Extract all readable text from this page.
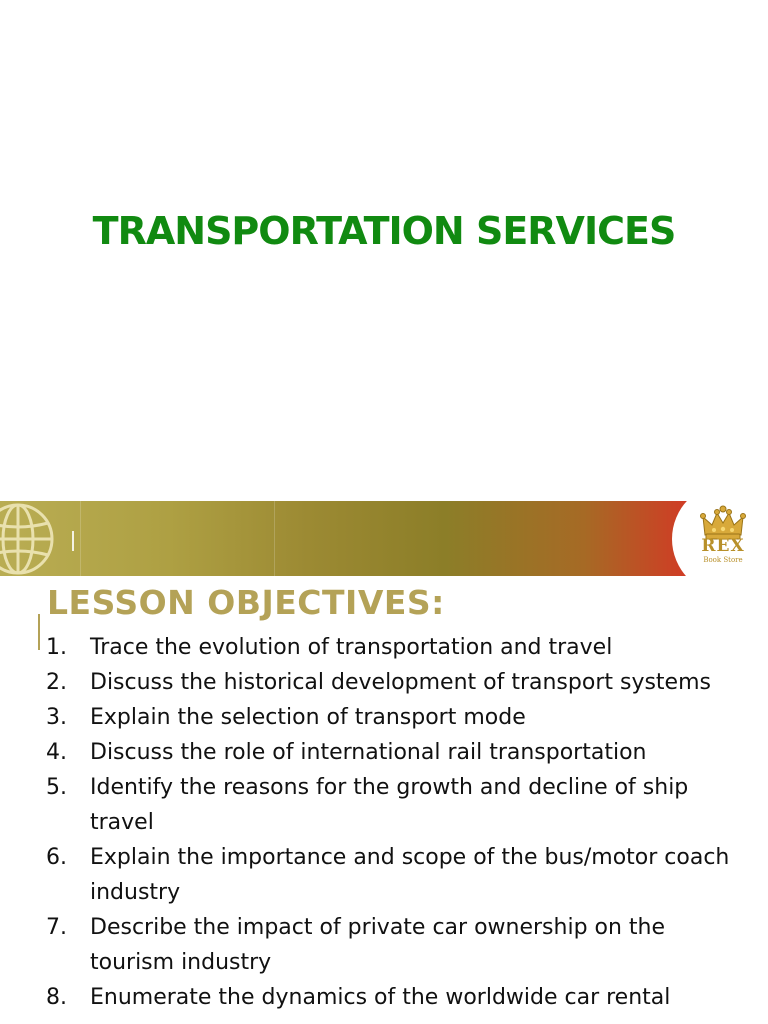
TRANSPORTATION SERVICES
REX
Book Store
LESSON OBJECTIVES:
1. Trace the evolution of transportation and travel
2. Discuss the historical development of transport systems
3. Explain the selection of transport mode
4. Discuss the role of international rail transportation
5. Identify the reasons for the growth and decline of ship travel
6. Explain the importance and scope of the bus/motor coach industry
7. Describe the impact of private car ownership on the tourism industry
8. Enumerate the dynamics of the worldwide car rental
